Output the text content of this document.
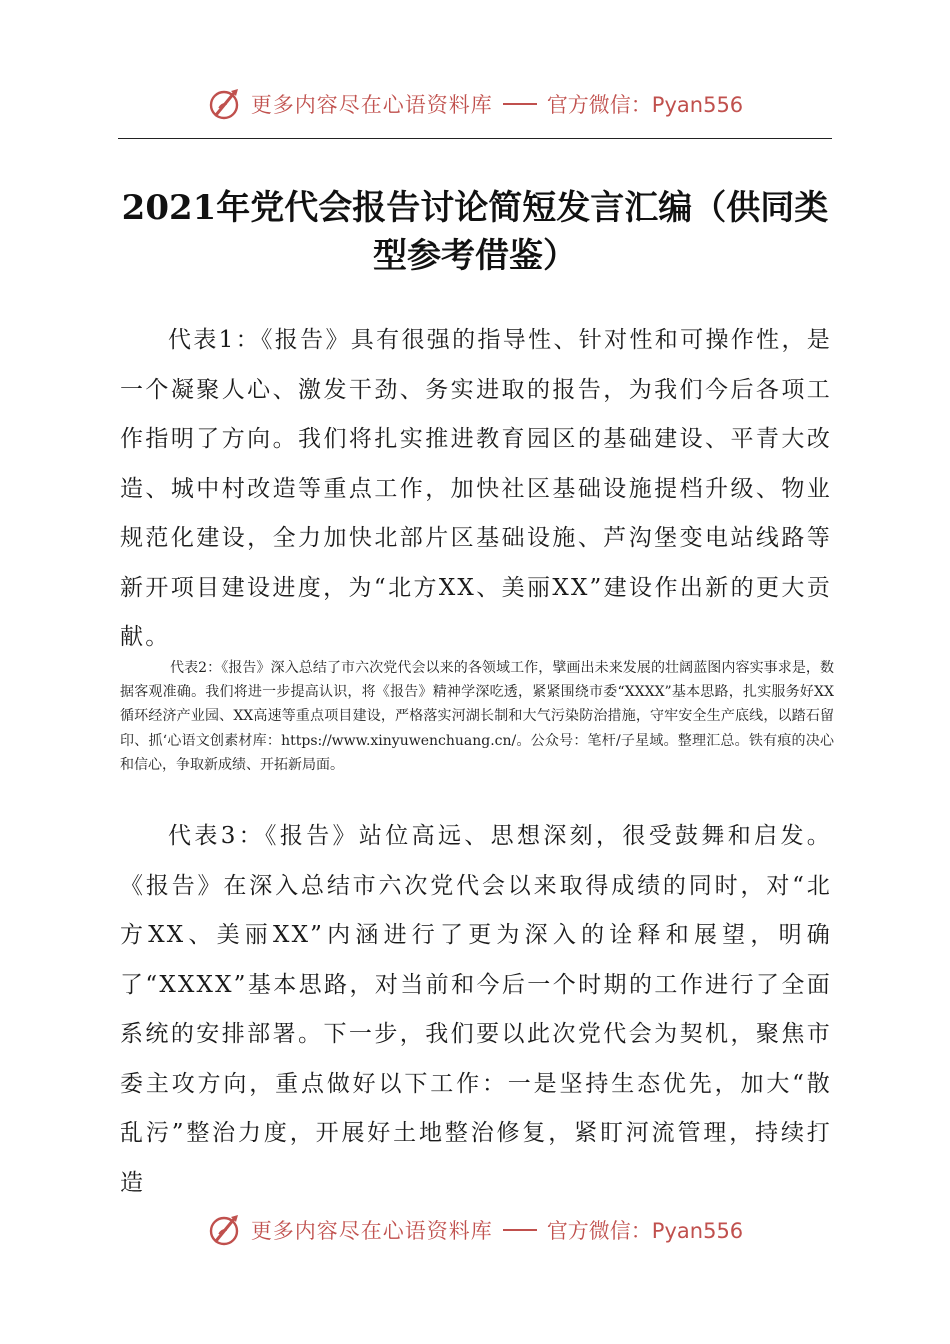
更多内容尽在心语资料库	官方微信：Pyan556
2021年党代会报告讨论简短发言汇编（供同类型参考借鉴）

代表1：《报告》具有很强的指导性、针对性和可操作性，是一个凝聚人心、激发干劲、务实进取的报告，为我们今后各项工作指明了方向。我们将扎实推进教育园区的基础建设、平青大改造、城中村改造等重点工作，加快社区基础设施提档升级、物业规范化建设，全力加快北部片区基础设施、芦沟堡变电站线路等新开项目建设进度，为“北方XX、美丽XX”建设作出新的更大贡献。

代表2：《报告》深入总结了市六次党代会以来的各领域工作，擘画出未来发展的壮阔蓝图内容实事求是，数据客观准确。我们将进一步提高认识，将《报告》精神学深吃透，紧紧围绕市委“XXXX”基本思路，扎实服务好XX循环经济产业园、XX高速等重点项目建设，严格落实河湖长制和大气污染防治措施，守牢安全生产底线，以踏石留印、抓‘心语文创素材库：https://www.xinyuwenchuang.cn/。公众号：笔杆/子星域。整理汇总。铁有痕的决心和信心，争取新成绩、开拓新局面。

代表3：《报告》站位高远、思想深刻，很受鼓舞和启发。《报告》在深入总结市六次党代会以来取得成绩的同时，对“北方XX、美丽XX”内涵进行了更为深入的诠释和展望，明确了“XXXX”基本思路，对当前和今后一个时期的工作进行了全面系统的安排部署。下一步，我们要以此次党代会为契机，聚焦市委主攻方向，重点做好以下工作：一是坚持生态优先，加大“散乱污”整治力度，开展好土地整治修复，紧盯河流管理，持续打造

更多内容尽在心语资料库	官方微信：Pyan556
